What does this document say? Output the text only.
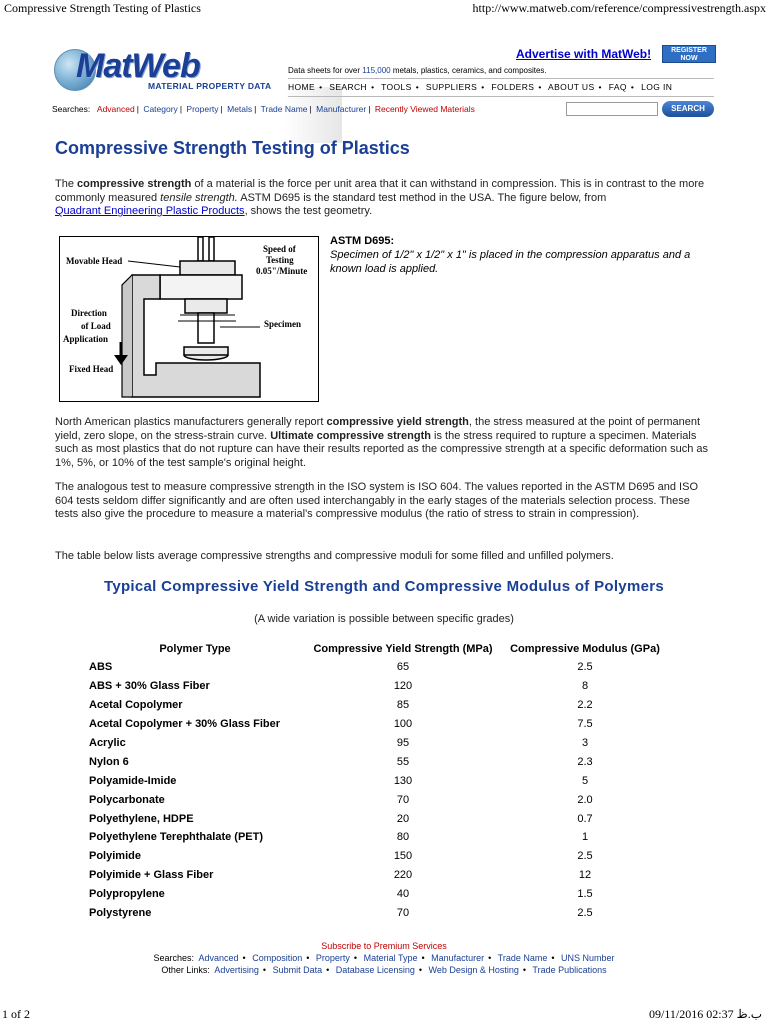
Compressive Strength Testing of Plastics	http://www.matweb.com/reference/compressivestrength.aspx
MatWeb
MATERIAL PROPERTY DATA
Advertise with MatWeb!	REGISTER
NOW
Data sheets for over 115,000 metals, plastics, ceramics, and composites.
HOME • SEARCH • TOOLS • SUPPLIERS • FOLDERS • ABOUT US • FAQ • LOG IN
Searches: Advanced | Category | Property | Metals | Trade Name | Manufacturer | Recently Viewed Materials	SEARCH
Compressive Strength Testing of Plastics

The compressive strength of a material is the force per unit area that it can withstand in compression. This is in contrast to the more commonly measured tensile strength. ASTM D695 is the standard test method in the USA. The figure below, from
Quadrant Engineering Plastic Products, shows the test geometry.

Movable Head
Speed of
Testing
0.05"/Minute
Direction
of Load
Application
Specimen
Fixed Head
ASTM D695:
Specimen of 1/2" x 1/2" x 1" is placed in the compression apparatus and a known load is applied.

North American plastics manufacturers generally report compressive yield strength, the stress measured at the point of permanent yield, zero slope, on the stress-strain curve. Ultimate compressive strength is the stress required to rupture a specimen. Materials such as most plastics that do not rupture can have their results reported as the compressive strength at a specific deformation such as 1%, 5%, or 10% of the test sample's original height.

The analogous test to measure compressive strength in the ISO system is ISO 604. The values reported in the ASTM D695 and ISO 604 tests seldom differ significantly and are often used interchangably in the early stages of the materials selection process. These tests also give the procedure to measure a material's compressive modulus (the ratio of stress to strain in compression).

The table below lists average compressive strengths and compressive moduli for some filled and unfilled polymers.

Typical Compressive Yield Strength and Compressive Modulus of Polymers
(A wide variation is possible between specific grades)
Polymer Type	Compressive Yield Strength (MPa)	Compressive Modulus (GPa)
ABS	65	2.5
ABS + 30% Glass Fiber	120	8
Acetal Copolymer	85	2.2
Acetal Copolymer + 30% Glass Fiber	100	7.5
Acrylic	95	3
Nylon 6	55	2.3
Polyamide-Imide	130	5
Polycarbonate	70	2.0
Polyethylene, HDPE	20	0.7
Polyethylene Terephthalate (PET)	80	1
Polyimide	150	2.5
Polyimide + Glass Fiber	220	12
Polypropylene	40	1.5
Polystyrene	70	2.5
Subscribe to Premium Services
Searches: Advanced • Composition • Property • Material Type • Manufacturer • Trade Name • UNS Number
Other Links: Advertising • Submit Data • Database Licensing • Web Design & Hosting • Trade Publications
1 of 2	09/11/2016 02:37 ب.ظ
